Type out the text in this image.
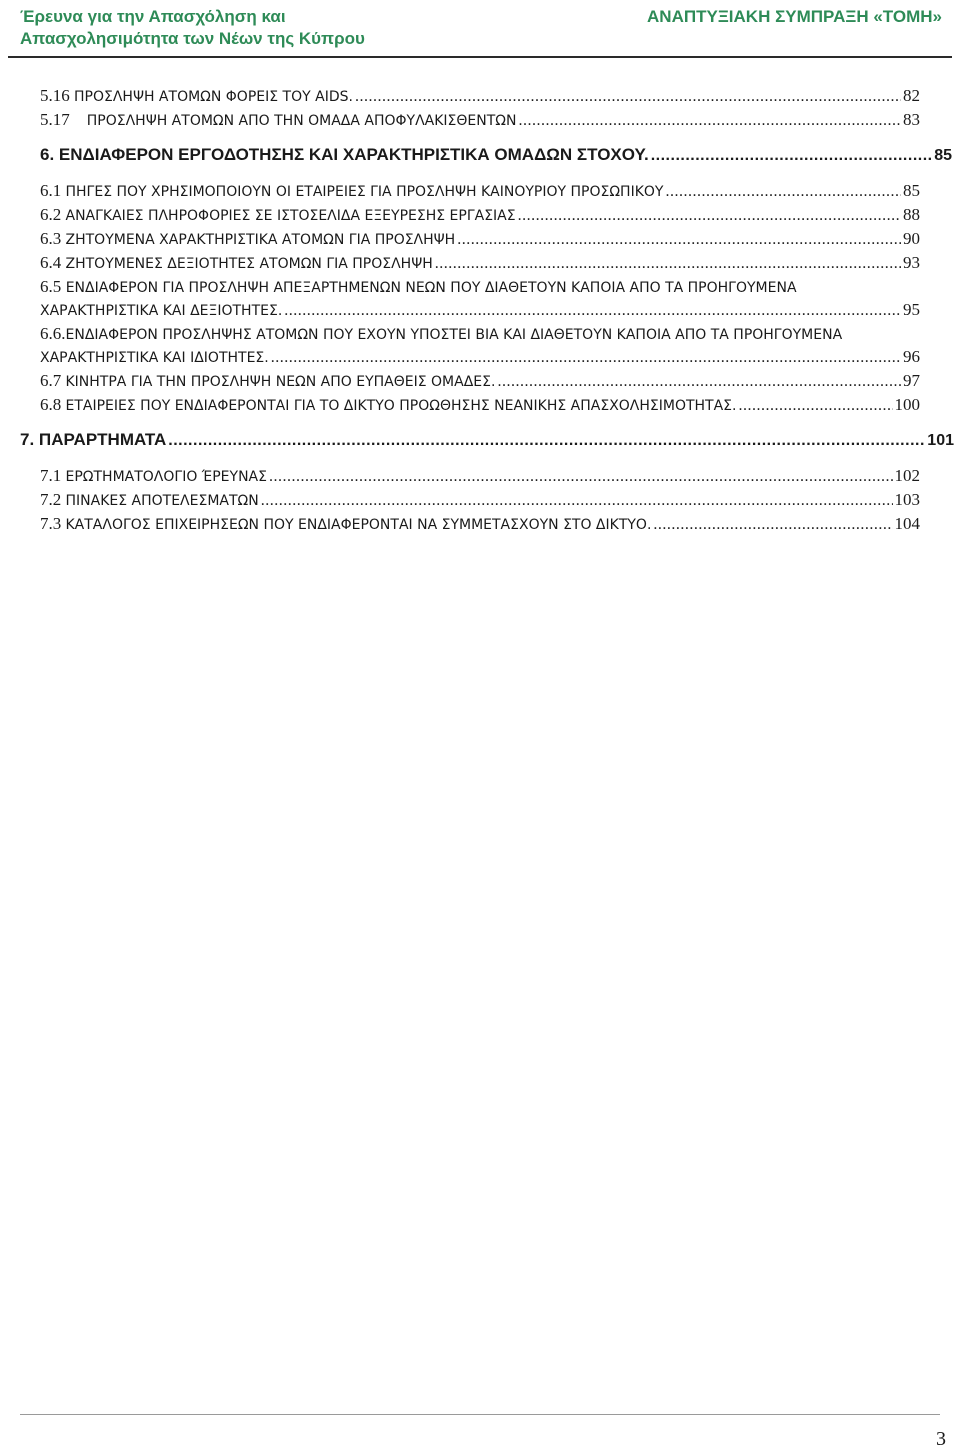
Έρευνα για την Απασχόληση και
Απασχολησιμότητα των Νέων της Κύπρου
ΑΝΑΠΤΥΞΙΑΚΗ ΣΥΜΠΡΑΞΗ «ΤΟΜΗ»
5.16
ΠΡΟΣΛΗΨΗ ΑΤΟΜΩΝ ΦΟΡΕΙΣ ΤΟΥ AIDS. .....	82
5.17
ΠΡΟΣΛΗΨΗ ΑΤΟΜΩΝ ΑΠΟ ΤΗΝ ΟΜΑΔΑ ΑΠΟΦΥΛΑΚΙΣΘΕΝΤΩΝ .....	83
6.
ΕΝΔΙΑΦΕΡΟΝ ΕΡΓΟΔΟΤΗΣΗΣ ΚΑΙ ΧΑΡΑΚΤΗΡΙΣΤΙΚΑ ΟΜΑΔΩΝ ΣΤΟΧΟΥ. .....	85
6.1
ΠΗΓΕΣ ΠΟΥ ΧΡΗΣΙΜΟΠΟΙΟΥΝ ΟΙ ΕΤΑΙΡΕΙΕΣ ΓΙΑ ΠΡΟΣΛΗΨΗ ΚΑΙΝΟΥΡΙΟΥ ΠΡΟΣΩΠΙΚΟΥ .....	85
6.2
ΑΝΑΓΚΑΙΕΣ ΠΛΗΡΟΦΟΡΙΕΣ ΣΕ ΙΣΤΟΣΕΛΙΔΑ ΕΞΕΥΡΕΣΗΣ ΕΡΓΑΣΙΑΣ .....	88
6.3
ΖΗΤΟΥΜΕΝΑ ΧΑΡΑΚΤΗΡΙΣΤΙΚΑ ΑΤΟΜΩΝ ΓΙΑ ΠΡΟΣΛΗΨΗ .....	90
6.4
ΖΗΤΟΥΜΕΝΕΣ ΔΕΞΙΟΤΗΤΕΣ ΑΤΟΜΩΝ ΓΙΑ ΠΡΟΣΛΗΨΗ .....	93
6.5 ΕΝΔΙΑΦΕΡΟΝ ΓΙΑ ΠΡΟΣΛΗΨΗ ΑΠΕΞΑΡΤΗΜΕΝΩΝ ΝΕΩΝ ΠΟΥ ΔΙΑΘΕΤΟΥΝ ΚΑΠΟΙΑ ΑΠΟ ΤΑ ΠΡΟΗΓΟΥΜΕΝΑ
ΧΑΡΑΚΤΗΡΙΣΤΙΚΑ ΚΑΙ ΔΕΞΙΟΤΗΤΕΣ. .....	95
6.6.ΕΝΔΙΑΦΕΡΟΝ ΠΡΟΣΛΗΨΗΣ ΑΤΟΜΩΝ ΠΟΥ ΕΧΟΥΝ ΥΠΟΣΤΕΙ ΒΙΑ ΚΑΙ ΔΙΑΘΕΤΟΥΝ ΚΑΠΟΙΑ ΑΠΟ ΤΑ ΠΡΟΗΓΟΥΜΕΝΑ
ΧΑΡΑΚΤΗΡΙΣΤΙΚΑ ΚΑΙ ΙΔΙΟΤΗΤΕΣ. .....	96
6.7
ΚΙΝΗΤΡΑ ΓΙΑ ΤΗΝ ΠΡΟΣΛΗΨΗ ΝΕΩΝ ΑΠΟ ΕΥΠΑΘΕΙΣ ΟΜΑΔΕΣ. .....	97
6.8
ΕΤΑΙΡΕΙΕΣ ΠΟΥ ΕΝΔΙΑΦΕΡΟΝΤΑΙ ΓΙΑ ΤΟ ΔΙΚΤΥΟ ΠΡΟΩΘΗΣΗΣ ΝΕΑΝΙΚΗΣ ΑΠΑΣΧΟΛΗΣΙΜΟΤΗΤΑΣ. .....	100
7.
ΠΑΡΑΡΤΗΜΑΤΑ .....	101
7.1
ΕΡΩΤΗΜΑΤΟΛΟΓΙΟ ΈΡΕΥΝΑΣ .....	102
7.2
ΠΙΝΑΚΕΣ ΑΠΟΤΕΛΕΣΜΑΤΩΝ .....	103
7.3
ΚΑΤΑΛΟΓΟΣ ΕΠΙΧΕΙΡΗΣΕΩΝ ΠΟΥ ΕΝΔΙΑΦΕΡΟΝΤΑΙ ΝΑ ΣΥΜΜΕΤΑΣΧΟΥΝ ΣΤΟ ΔΙΚΤΥΟ. .....	104
3
